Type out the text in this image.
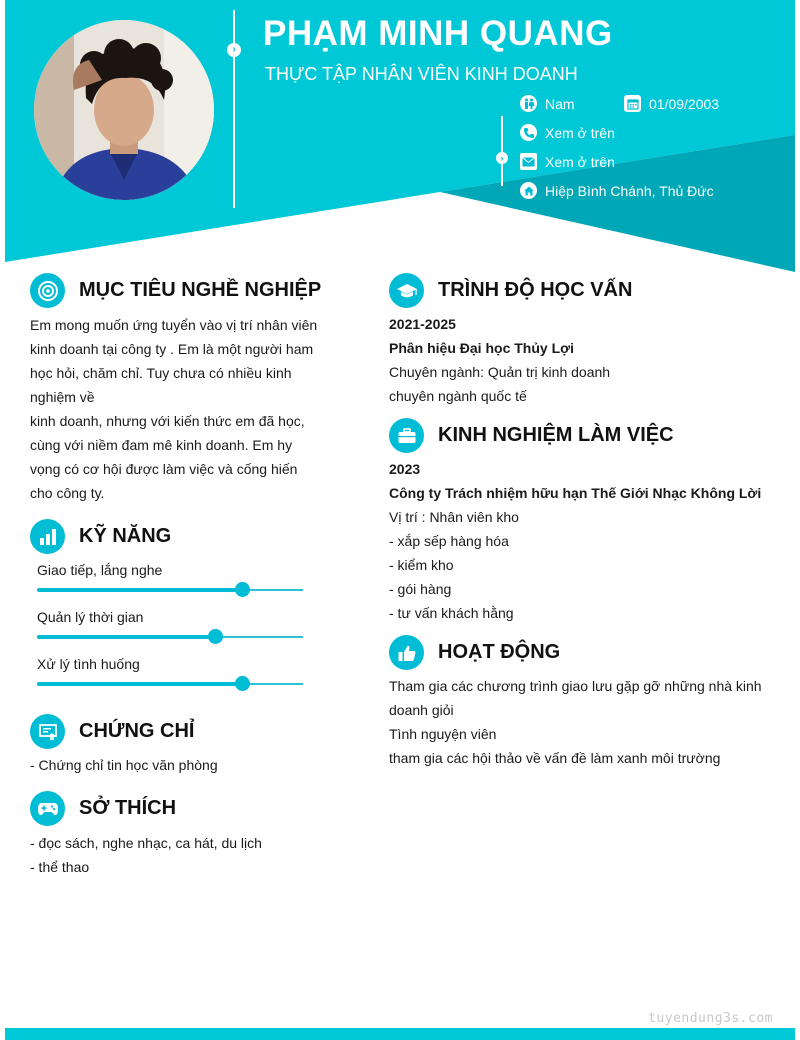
› PHẠM MINH QUANG
THỰC TẬP NHÂN VIÊN KINH DOANH
›
Nam	01/09/2003
Xem ở trên
Xem ở trên
Hiệp Bình Chánh, Thủ Đức
MỤC TIÊU NGHỀ NGHIỆP
Em mong muốn ứng tuyển vào vị trí nhân viên
kinh doanh tại công ty . Em là một người ham
học hỏi, chăm chỉ. Tuy chưa có nhiều kinh
nghiệm về
kinh doanh, nhưng với kiến thức em đã học,
cùng với niềm đam mê kinh doanh. Em hy
vọng có cơ hội được làm việc và cống hiến
cho công ty.
KỸ NĂNG
Giao tiếp, lắng nghe
Quản lý thời gian
Xử lý tình huống
CHỨNG CHỈ
- Chứng chỉ tin học văn phòng
SỞ THÍCH
- đọc sách, nghe nhạc, ca hát, du lịch
- thể thao
TRÌNH ĐỘ HỌC VẤN
2021-2025
Phân hiệu Đại học Thủy Lợi
Chuyên ngành: Quản trị kinh doanh
chuyên ngành quốc tế
KINH NGHIỆM LÀM VIỆC
2023
Công ty Trách nhiệm hữu hạn Thế Giới Nhạc Không Lời
Vị trí : Nhân viên kho
- xắp sếp hàng hóa
- kiểm kho
- gói hàng
- tư vấn khách hằng
HOẠT ĐỘNG
Tham gia các chương trình giao lưu gặp gỡ những nhà kinh
doanh giỏi
Tình nguyện viên
tham gia các hội thảo về vấn đề làm xanh môi trường
tuyendung3s.com
